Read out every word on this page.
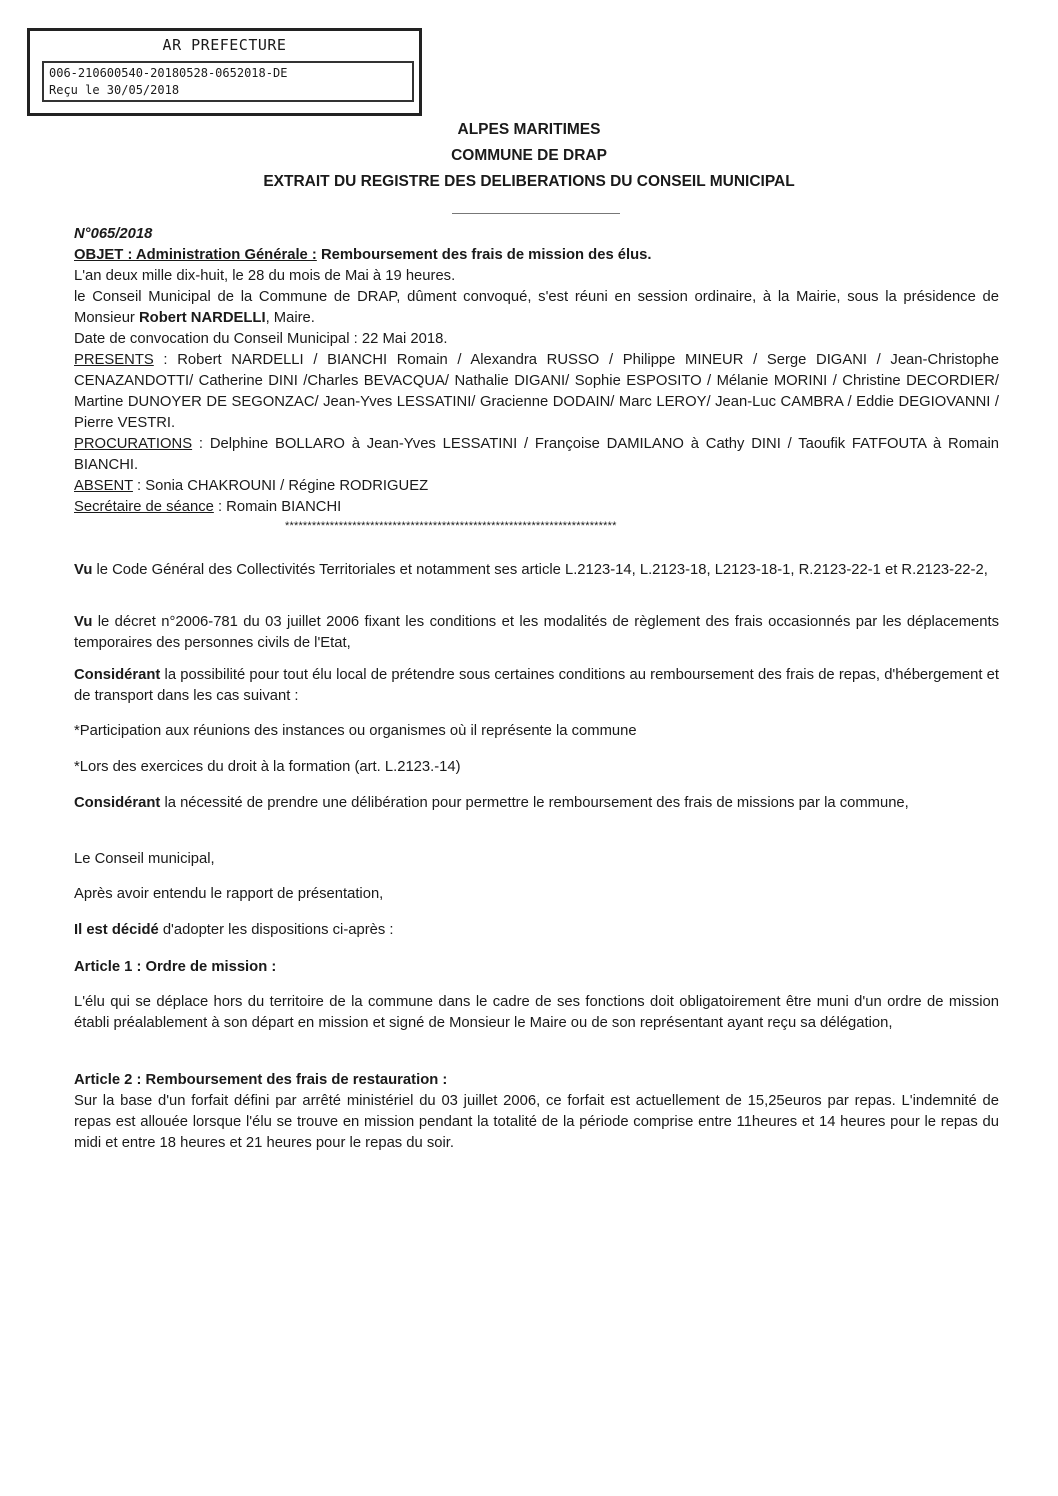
AR PREFECTURE
006-210600540-20180528-0652018-DE
Reçu le 30/05/2018
ALPES MARITIMES
COMMUNE DE DRAP
EXTRAIT DU REGISTRE DES DELIBERATIONS DU CONSEIL MUNICIPAL

N°065/2018

OBJET : Administration Générale : Remboursement des frais de mission des élus.

L'an deux mille dix-huit, le 28 du mois de Mai à 19 heures.

le Conseil Municipal de la Commune de DRAP, dûment convoqué, s'est réuni en session ordinaire, à la Mairie, sous la présidence de Monsieur Robert NARDELLI, Maire.

Date de convocation du Conseil Municipal : 22 Mai 2018.

PRESENTS : Robert NARDELLI / BIANCHI Romain / Alexandra RUSSO / Philippe MINEUR / Serge DIGANI / Jean-Christophe CENAZANDOTTI/ Catherine DINI /Charles BEVACQUA/ Nathalie DIGANI/ Sophie ESPOSITO / Mélanie MORINI / Christine DECORDIER/ Martine DUNOYER DE SEGONZAC/ Jean-Yves LESSATINI/ Gracienne DODAIN/ Marc LEROY/ Jean-Luc CAMBRA / Eddie DEGIOVANNI / Pierre VESTRI.

PROCURATIONS : Delphine BOLLARO à Jean-Yves LESSATINI / Françoise DAMILANO à Cathy DINI / Taoufik FATFOUTA à Romain BIANCHI.

ABSENT : Sonia CHAKROUNI / Régine RODRIGUEZ

Secrétaire de séance : Romain BIANCHI

**************************************************************************
Vu le Code Général des Collectivités Territoriales et notamment ses article L.2123-14, L.2123-18, L2123-18-1, R.2123-22-1 et R.2123-22-2,
Vu le décret n°2006-781 du 03 juillet 2006 fixant les conditions et les modalités de règlement des frais occasionnés par les déplacements temporaires des personnes civils de l'Etat,
Considérant la possibilité pour tout élu local de prétendre sous certaines conditions au remboursement des frais de repas, d'hébergement et de transport dans les cas suivant :
*Participation aux réunions des instances ou organismes où il représente la commune
*Lors des exercices du droit à la formation (art. L.2123.-14)
Considérant la nécessité de prendre une délibération pour permettre le remboursement des frais de missions par la commune,
Le Conseil municipal,
Après avoir entendu le rapport de présentation,
Il est décidé d'adopter les dispositions ci-après :
Article 1 : Ordre de mission :
L'élu qui se déplace hors du territoire de la commune dans le cadre de ses fonctions doit obligatoirement être muni d'un ordre de mission établi préalablement à son départ en mission et signé de Monsieur le Maire ou de son représentant ayant reçu sa délégation,
Article 2 : Remboursement des frais de restauration :
Sur la base d'un forfait défini par arrêté ministériel du 03 juillet 2006, ce forfait est actuellement de 15,25euros par repas. L'indemnité de repas est allouée lorsque l'élu se trouve en mission pendant la totalité de la période comprise entre 11heures et 14 heures pour le repas du midi et entre 18 heures et 21 heures pour le repas du soir.
